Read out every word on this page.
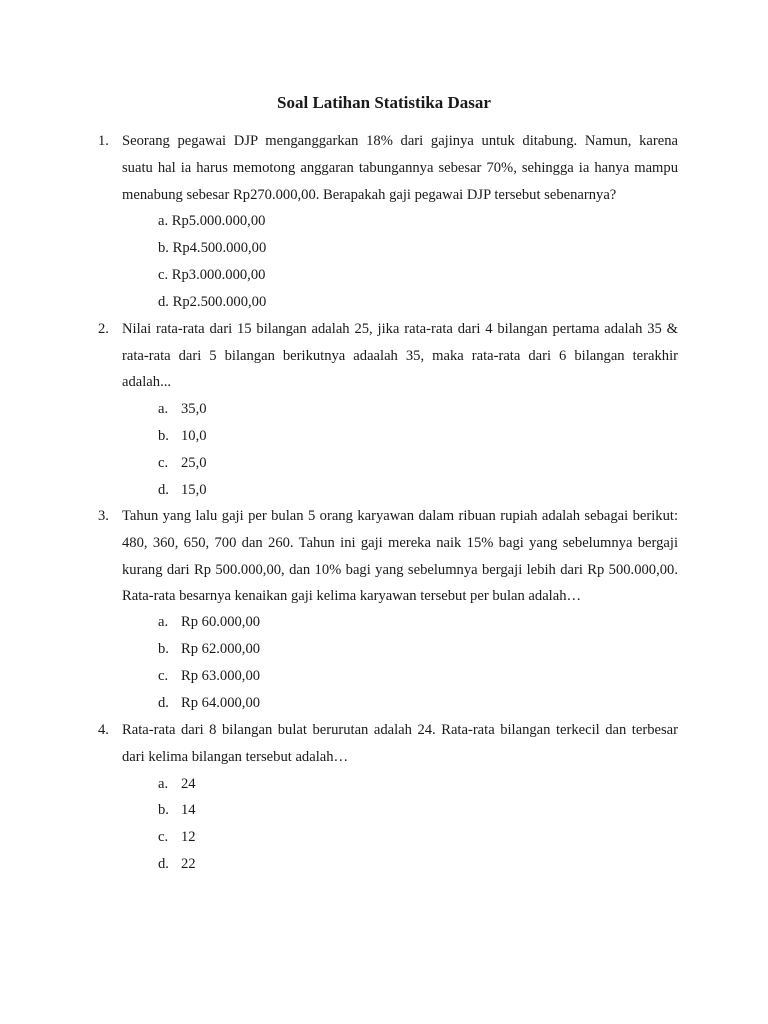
Soal Latihan Statistika Dasar
1. Seorang pegawai DJP menganggarkan 18% dari gajinya untuk ditabung. Namun, karena
suatu hal ia harus memotong anggaran tabungannya sebesar 70%, sehingga ia hanya mampu
menabung sebesar Rp270.000,00. Berapakah gaji pegawai DJP tersebut sebenarnya?
a. Rp5.000.000,00
b. Rp4.500.000,00
c. Rp3.000.000,00
d. Rp2.500.000,00
2. Nilai rata-rata dari 15 bilangan adalah 25, jika rata-rata dari 4 bilangan pertama adalah 35 &
rata-rata dari 5 bilangan berikutnya adaalah 35, maka rata-rata dari 6 bilangan terakhir
adalah...
a. 35,0
b. 10,0
c. 25,0
d. 15,0
3. Tahun yang lalu gaji per bulan 5 orang karyawan dalam ribuan rupiah adalah sebagai berikut:
480, 360, 650, 700 dan 260. Tahun ini gaji mereka naik 15% bagi yang sebelumnya bergaji
kurang dari Rp 500.000,00, dan 10% bagi yang sebelumnya bergaji lebih dari Rp 500.000,00.
Rata-rata besarnya kenaikan gaji kelima karyawan tersebut per bulan adalah…
a. Rp 60.000,00
b. Rp 62.000,00
c. Rp 63.000,00
d. Rp 64.000,00
4. Rata-rata dari 8 bilangan bulat berurutan adalah 24. Rata-rata bilangan terkecil dan terbesar
dari kelima bilangan tersebut adalah…
a. 24
b. 14
c. 12
d. 22
